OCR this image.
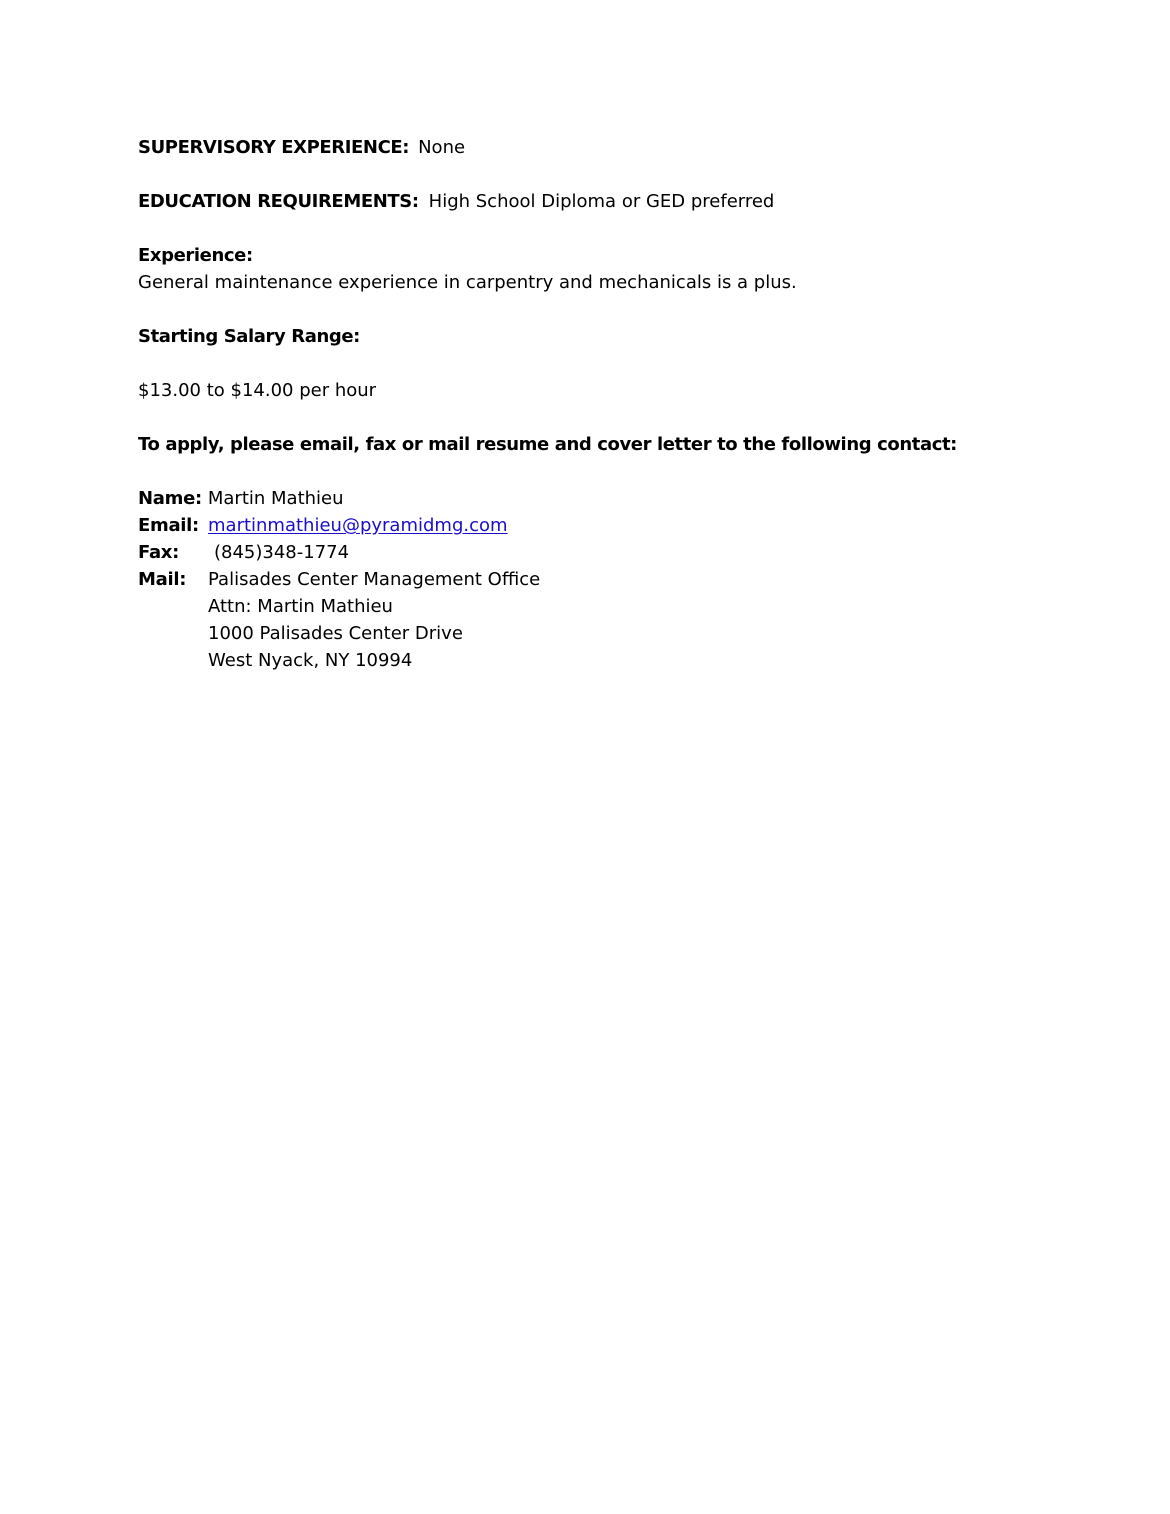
SUPERVISORY EXPERIENCE: None
EDUCATION REQUIREMENTS: High School Diploma or GED preferred
Experience:
General maintenance experience in carpentry and mechanicals is a plus.
Starting Salary Range:
$13.00 to $14.00 per hour
To apply, please email, fax or mail resume and cover letter to the following contact:
Name: Martin Mathieu
Email: martinmathieu@pyramidmg.com
Fax: (845)348-1774
Mail: Palisades Center Management Office
Attn: Martin Mathieu
1000 Palisades Center Drive
West Nyack, NY 10994
